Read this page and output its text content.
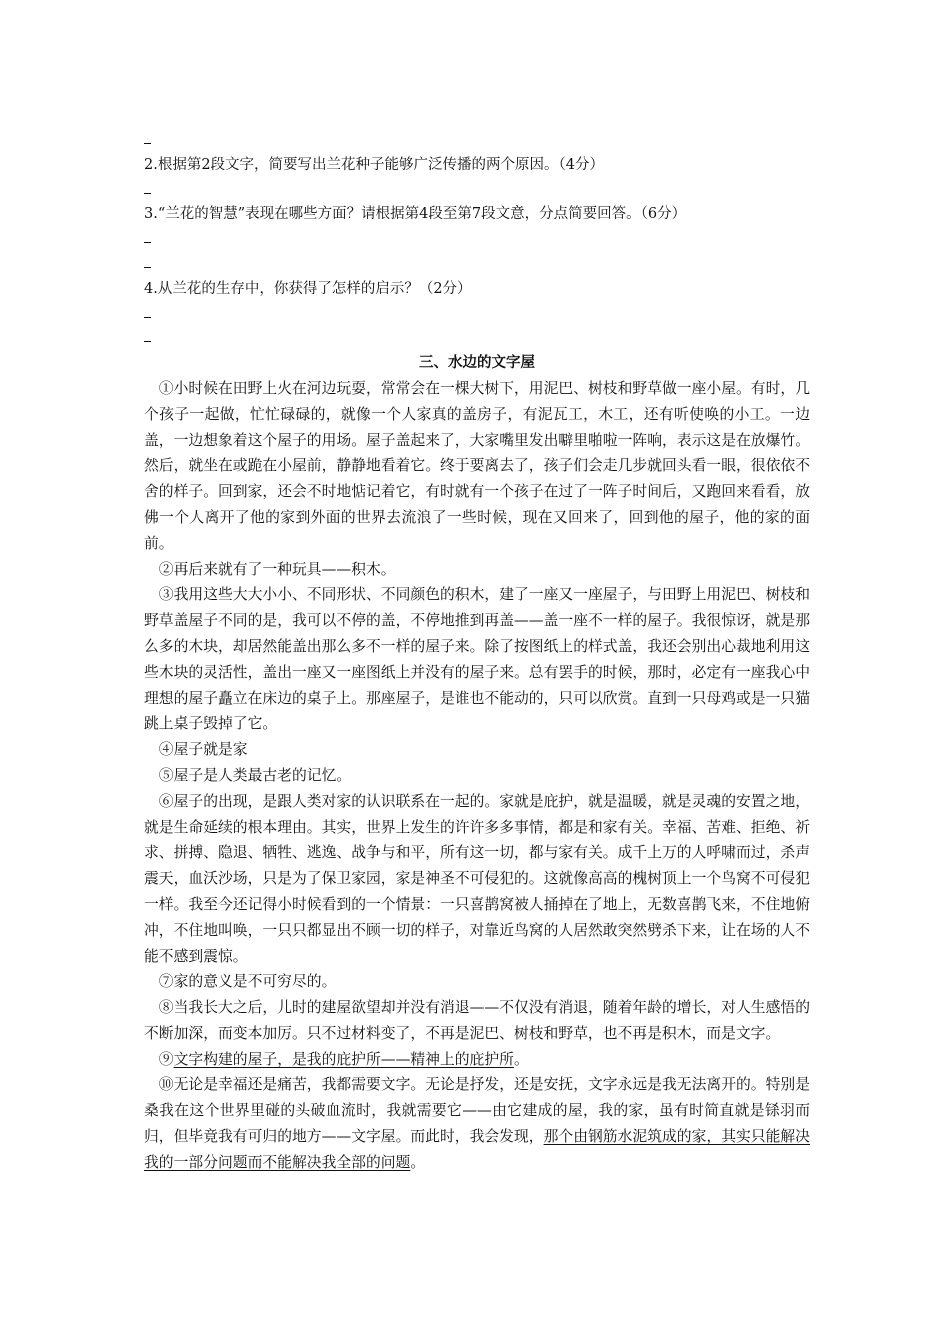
2.根据第2段文字，简要写出兰花种子能够广泛传播的两个原因。（4分）
3.“兰花的智慧”表现在哪些方面？请根据第4段至第7段文意，分点简要回答。（6分）
4.从兰花的生存中，你获得了怎样的启示？（2分）
三、水边的文字屋
①小时候在田野上火在河边玩耍，常常会在一棵大树下，用泥巴、树枝和野草做一座小屋。有时，几个孩子一起做，忙忙碌碌的，就像一个人家真的盖房子，有泥瓦工，木工，还有听使唤的小工。一边盖，一边想象着这个屋子的用场。屋子盖起来了，大家嘴里发出噼里啪啦一阵响，表示这是在放爆竹。然后，就坐在或跪在小屋前，静静地看着它。终于要离去了，孩子们会走几步就回头看一眼，很依依不舍的样子。回到家，还会不时地惦记着它，有时就有一个孩子在过了一阵子时间后，又跑回来看看，放佛一个人离开了他的家到外面的世界去流浪了一些时候，现在又回来了，回到他的屋子，他的家的面前。
②再后来就有了一种玩具——积木。
③我用这些大大小小、不同形状、不同颜色的积木，建了一座又一座屋子，与田野上用泥巴、树枝和野草盖屋子不同的是，我可以不停的盖，不停地推到再盖——盖一座不一样的屋子。我很惊讶，就是那么多的木块，却居然能盖出那么多不一样的屋子来。除了按图纸上的样式盖，我还会别出心裁地利用这些木块的灵活性，盖出一座又一座图纸上并没有的屋子来。总有罢手的时候，那时，必定有一座我心中理想的屋子矗立在床边的桌子上。那座屋子，是谁也不能动的，只可以欣赏。直到一只母鸡或是一只猫跳上桌子毁掉了它。
④屋子就是家
⑤屋子是人类最古老的记忆。
⑥屋子的出现，是跟人类对家的认识联系在一起的。家就是庇护，就是温暖，就是灵魂的安置之地，就是生命延续的根本理由。其实，世界上发生的许许多多事情，都是和家有关。幸福、苦难、拒绝、祈求、拼搏、隐退、牺牲、逃逸、战争与和平，所有这一切，都与家有关。成千上万的人呼啸而过，杀声震天，血沃沙场，只是为了保卫家园，家是神圣不可侵犯的。这就像高高的槐树顶上一个鸟窝不可侵犯一样。我至今还记得小时候看到的一个情景：一只喜鹊窝被人捅掉在了地上，无数喜鹊飞来，不住地俯冲，不住地叫唤，一只只都显出不顾一切的样子，对靠近鸟窝的人居然敢突然劈杀下来，让在场的人不能不感到震惊。
⑦家的意义是不可穷尽的。
⑧当我长大之后，儿时的建屋欲望却并没有消退——不仅没有消退，随着年龄的增长，对人生感悟的不断加深，而变本加厉。只不过材料变了，不再是泥巴、树枝和野草，也不再是积木，而是文字。
⑨文字构建的屋子，是我的庇护所——精神上的庇护所。
⑩无论是幸福还是痛苦，我都需要文字。无论是抒发，还是安抚，文字永远是我无法离开的。特别是桑我在这个世界里碰的头破血流时，我就需要它——由它建成的屋，我的家，虽有时简直就是铩羽而归，但毕竟我有可归的地方——文字屋。而此时，我会发现，那个由钢筋水泥筑成的家，其实只能解决我的一部分问题而不能解决我全部的问题。
